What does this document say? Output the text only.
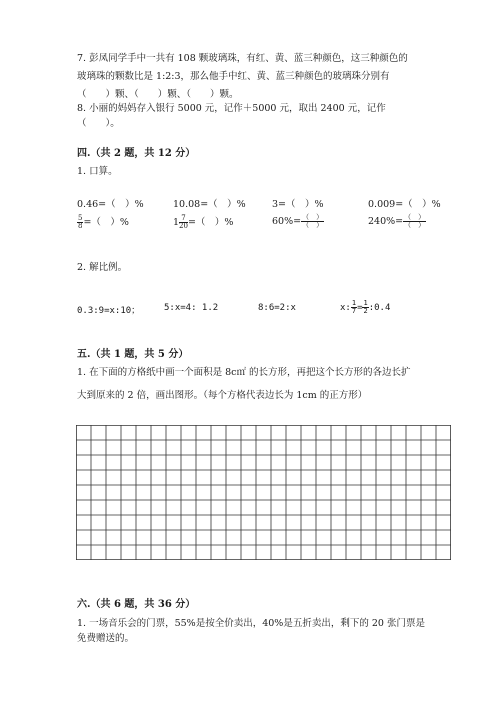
7. 彭凤同学手中一共有 108 颗玻璃珠，有红、黄、蓝三种颜色，这三种颜色的
玻璃珠的颗数比是 1:2:3，那么他手中红、黄、蓝三种颜色的玻璃珠分别有
（　　）颗、（　　）颗、（　　）颗。
8. 小丽的妈妈存入银行 5000 元，记作＋5000 元，取出 2400 元，记作
（　　）。
四.（共 2 题，共 12 分）
1. 口算。
0.46=（　）%	10.08=（　）%	3=（　）%	0.009=（　）%
$\frac{5}{8}$ =（　）%	$1 \frac{7}{20}$ =（　）%	$60\%= \frac{( )}{( )}$	$240\%= \frac{( )}{( )}$
2. 解比例。
0.3:9=x:10；	5:x=4: 1.2	8:6=2:x	x: $\frac{1}{7} = \frac{1}{2}$ :0.4
五.（共 1 题，共 5 分）
1. 在下面的方格纸中画一个面积是 8c㎡ 的长方形，再把这个长方形的各边长扩
大到原来的 2 倍，画出图形。（每个方格代表边长为 1cm 的正方形）
六.（共 6 题，共 36 分）
1. 一场音乐会的门票，55%是按全价卖出，40%是五折卖出，剩下的 20 张门票是
免费赠送的。
